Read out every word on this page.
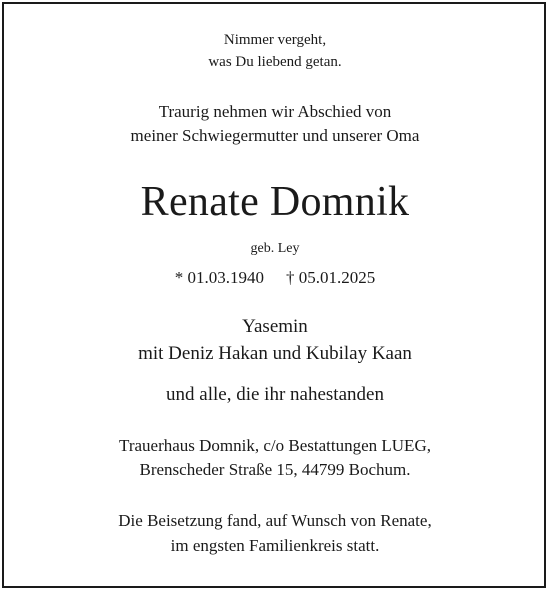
Nimmer vergeht,
was Du liebend getan.
Traurig nehmen wir Abschied von
meiner Schwiegermutter und unserer Oma
Renate Domnik
geb. Ley
* 01.03.1940 † 05.01.2025
Yasemin
mit Deniz Hakan und Kubilay Kaan
und alle, die ihr nahestanden
Trauerhaus Domnik, c/o Bestattungen LUEG,
Brenscheder Straße 15, 44799 Bochum.
Die Beisetzung fand, auf Wunsch von Renate,
im engsten Familienkreis statt.
